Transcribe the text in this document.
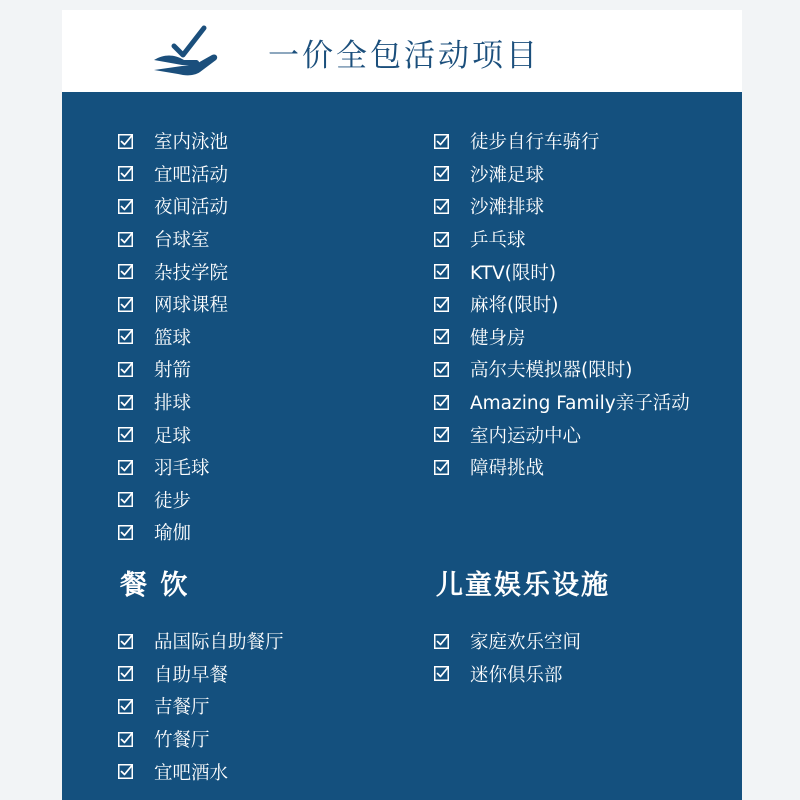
一价全包活动项目
室内泳池
宜吧活动
夜间活动
台球室
杂技学院
网球课程
篮球
射箭
排球
足球
羽毛球
徒步
瑜伽
徒步自行车骑行
沙滩足球
沙滩排球
乒乓球
KTV(限时)
麻将(限时)
健身房
高尔夫模拟器(限时)
Amazing Family亲子活动
室内运动中心
障碍挑战
餐 饮	儿童娱乐设施
品国际自助餐厅
自助早餐
吉餐厅
竹餐厅
宜吧酒水
家庭欢乐空间
迷你俱乐部
